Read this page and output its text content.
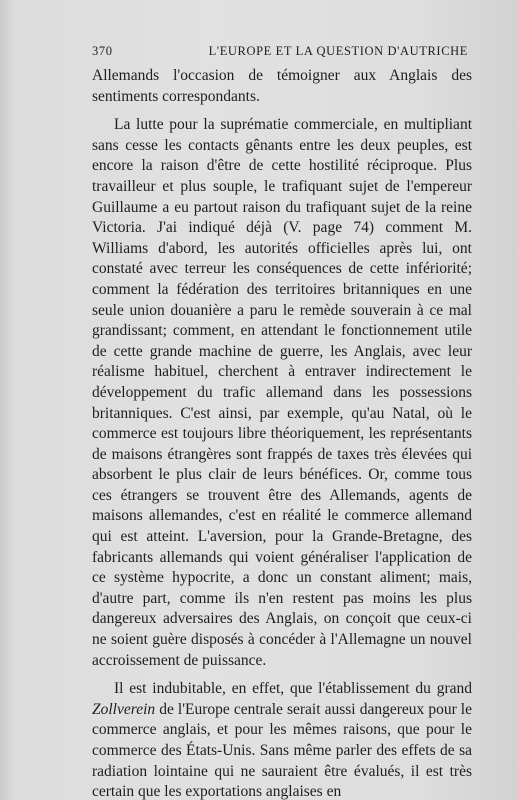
370	L'EUROPE ET LA QUESTION D'AUTRICHE

Allemands l'occasion de témoigner aux Anglais des sentiments correspondants.

La lutte pour la suprématie commerciale, en multipliant sans cesse les contacts gênants entre les deux peuples, est encore la raison d'être de cette hostilité réciproque. Plus travailleur et plus souple, le trafiquant sujet de l'empereur Guillaume a eu partout raison du trafiquant sujet de la reine Victoria. J'ai indiqué déjà (V. page 74) comment M. Williams d'abord, les autorités officielles après lui, ont constaté avec terreur les conséquences de cette infériorité; comment la fédération des territoires britanniques en une seule union douanière a paru le remède souverain à ce mal grandissant; comment, en attendant le fonctionnement utile de cette grande machine de guerre, les Anglais, avec leur réalisme habituel, cherchent à entraver indirectement le développement du trafic allemand dans les possessions britanniques. C'est ainsi, par exemple, qu'au Natal, où le commerce est toujours libre théoriquement, les représentants de maisons étrangères sont frappés de taxes très élevées qui absorbent le plus clair de leurs bénéfices. Or, comme tous ces étrangers se trouvent être des Allemands, agents de maisons allemandes, c'est en réalité le commerce allemand qui est atteint. L'aversion, pour la Grande-Bretagne, des fabricants allemands qui voient généraliser l'application de ce système hypocrite, a donc un constant aliment; mais, d'autre part, comme ils n'en restent pas moins les plus dangereux adversaires des Anglais, on conçoit que ceux-ci ne soient guère disposés à concéder à l'Allemagne un nouvel accroissement de puissance.

Il est indubitable, en effet, que l'établissement du grand Zollverein de l'Europe centrale serait aussi dangereux pour le commerce anglais, et pour les mêmes raisons, que pour le commerce des États-Unis. Sans même parler des effets de sa radiation lointaine qui ne sauraient être évalués, il est très certain que les exportations anglaises en
